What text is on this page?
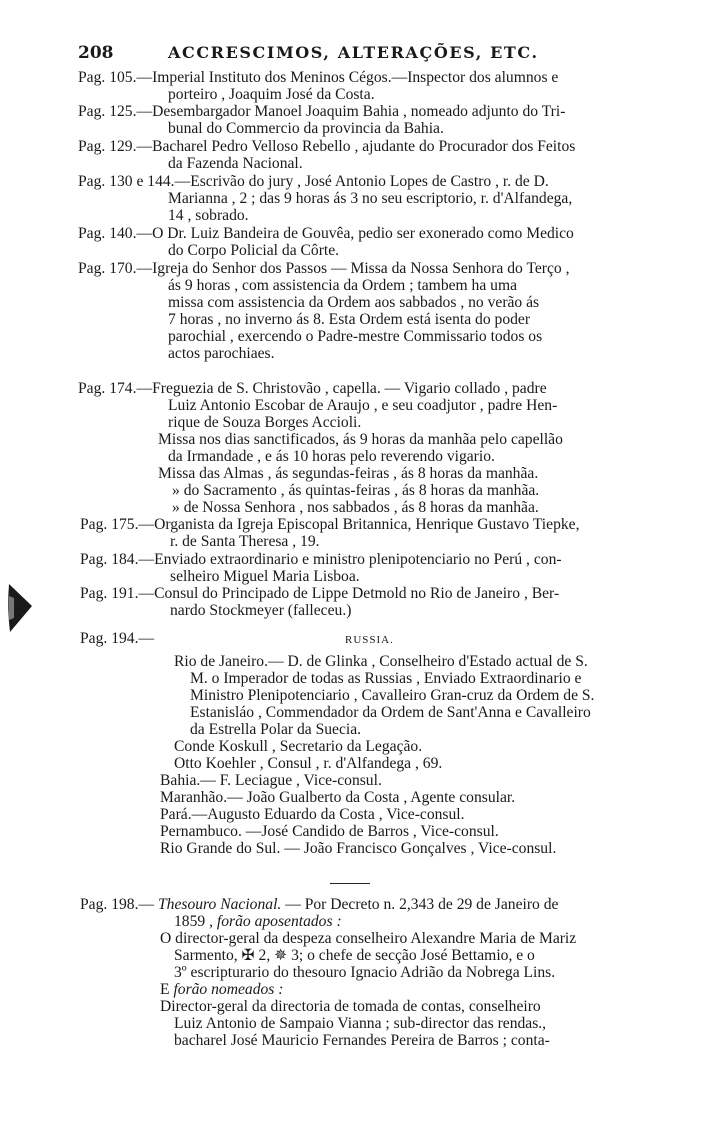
208	ACCRESCIMOS, ALTERAÇÕES, ETC.
Pag. 105.—Imperial Instituto dos Meninos Cégos.—Inspector dos alumnos e
porteiro , Joaquim José da Costa.
Pag. 125.—Desembargador Manoel Joaquim Bahia , nomeado adjunto do Tri-
bunal do Commercio da provincia da Bahia.
Pag. 129.—Bacharel Pedro Velloso Rebello , ajudante do Procurador dos Feitos
da Fazenda Nacional.
Pag. 130 e 144.—Escrivão do jury , José Antonio Lopes de Castro , r. de D.
Marianna , 2 ; das 9 horas ás 3 no seu escriptorio, r. d'Alfandega,
14 , sobrado.
Pag. 140.—O Dr. Luiz Bandeira de Gouvêa, pedio ser exonerado como Medico
do Corpo Policial da Côrte.
Pag. 170.—Igreja do Senhor dos Passos — Missa da Nossa Senhora do Terço ,
ás 9 horas , com assistencia da Ordem ; tambem ha uma
missa com assistencia da Ordem aos sabbados , no verão ás
7 horas , no inverno ás 8. Esta Ordem está isenta do poder
parochial , exercendo o Padre-mestre Commissario todos os
actos parochiaes.
Pag. 174.—Freguezia de S. Christovão , capella. — Vigario collado , padre
Luiz Antonio Escobar de Araujo , e seu coadjutor , padre Hen-
rique de Souza Borges Accioli.
Missa nos dias sanctificados, ás 9 horas da manhãa pelo capellão
da Irmandade , e ás 10 horas pelo reverendo vigario.
Missa das Almas , ás segundas-feiras , ás 8 horas da manhãa.
» do Sacramento , ás quintas-feiras , ás 8 horas da manhãa.
» de Nossa Senhora , nos sabbados , ás 8 horas da manhãa.
Pag. 175.—Organista da Igreja Episcopal Britannica, Henrique Gustavo Tiepke,
r. de Santa Theresa , 19.
Pag. 184.—Enviado extraordinario e ministro plenipotenciario no Perú , con-
selheiro Miguel Maria Lisboa.
Pag. 191.—Consul do Principado de Lippe Detmold no Rio de Janeiro , Ber-
nardo Stockmeyer (falleceu.)
Pag. 194.—	RUSSIA.
Rio de Janeiro.— D. de Glinka , Conselheiro d'Estado actual de S.
M. o Imperador de todas as Russias , Enviado Extraordinario e
Ministro Plenipotenciario , Cavalleiro Gran-cruz da Ordem de S.
Estanisláo , Commendador da Ordem de Sant'Anna e Cavalleiro
da Estrella Polar da Suecia.
Conde Koskull , Secretario da Legação.
Otto Koehler , Consul , r. d'Alfandega , 69.
Bahia.— F. Leciague , Vice-consul.
Maranhão.— João Gualberto da Costa , Agente consular.
Pará.—Augusto Eduardo da Costa , Vice-consul.
Pernambuco. —José Candido de Barros , Vice-consul.
Rio Grande do Sul. — João Francisco Gonçalves , Vice-consul.
Pag. 198.— Thesouro Nacional. — Por Decreto n. 2,343 de 29 de Janeiro de
1859 , forão aposentados :
O director-geral da despeza conselheiro Alexandre Maria de Mariz
Sarmento, ✠ 2, ✵ 3; o chefe de secção José Bettamio, e o
3º escripturario do thesouro Ignacio Adrião da Nobrega Lins.
E forão nomeados :
Director-geral da directoria de tomada de contas, conselheiro
Luiz Antonio de Sampaio Vianna ; sub-director das rendas.,
bacharel José Mauricio Fernandes Pereira de Barros ; conta-
